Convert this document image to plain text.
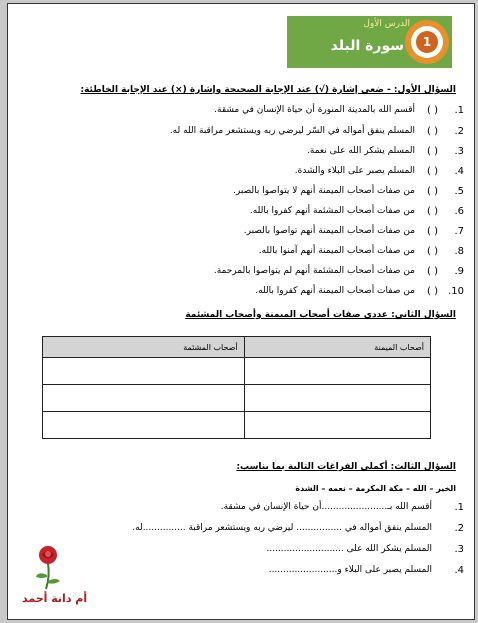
الدرس الأول
سورة البلد	1
السؤال الأول: - ضعي إشارة (√) عند الإجابة الصحيحة وإشارة (×) عند الإجابة الخاطئة:
1.
( )
أقسم الله بالمدينة المنورة أن حياة الإنسان في مشقة.
2.
( )
المسلم ينفق أمواله في السّر ليرضي ربه ويستشعر مراقبة الله له.
3.
( )
المسلم يشكر الله على نعمة.
4.
( )
المسلم يصبر على البلاء والشدة.
5.
( )
من صفات أصحاب الميمنة أنهم لا يتواصوا بالصبر.
6.
( )
من صفات أصحاب المشئمة أنهم كفروا بالله.
7.
( )
من صفات أصحاب الميمنة أنهم تواصوا بالصبر.
8.
( )
من صفات أصحاب الميمنة أنهم آمنوا بالله.
9.
( )
من صفات أصحاب المشئمة أنهم لم يتواصوا بالمرحمة.
10.
( )
من صفات أصحاب الميمنة أنهم كفروا بالله.
السؤال الثاني: عددي صفات أصحاب الميمنة وأصحاب المشئمة
أصحاب الميمنة	أصحاب المشئمة

السؤال الثالث: أكملي الفراغات التالية بما يناسب:
الخير – الله – مكة المكرمة – نعمه – الشدة
1.
أقسم الله بـ.......................أن حياة الإنسان في مشقة.
2.
المسلم ينفق أمواله في ................ ليرضي ربه ويستشعر مراقبة ...............له.
3.
المسلم يشكر الله على ...........................
4.
المسلم يصبر على البلاء و........................
أم دانة أحمد
